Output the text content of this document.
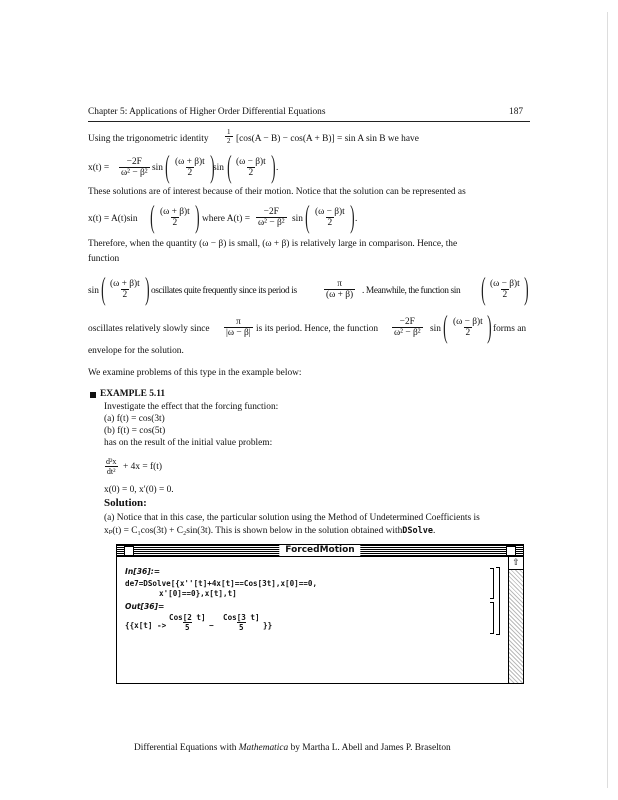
Chapter 5: Applications of Higher Order Differential Equations	187
Using the trigonometric identity $\frac{1}{2} [\cos(A - B) - \cos(A + B)] = \sin A$ sin B we have
$x(t) = \frac{-2F}{\text{ω² − β²}}$ sin ( $\frac{(\omega + \beta)t}{2}$ )
sin ( $\frac{(\omega - \beta)t}{2}$ ) .
These solutions are of interest because of their motion. Notice that the solution can be represented as
x(t) = A(t)sin ( $\frac{(\omega + \beta)t}{2}$ ) where $A(t) = \frac{-2F}{\text{ω² − β²}}$ sin ( $\frac{(\omega - \beta)t}{2}$ ) .
Therefore, when the quantity (ω − β) is small, (ω + β) is relatively large in comparison. Hence, the
function
sin ( $\frac{(\omega + \beta)t}{2}$ ) oscillates quite frequently since its period is	$\frac{\pi}{(\omega + \beta)}$ . Meanwhile, the function sin ( $\frac{(\omega - \beta)t}{2}$ )
oscillates relatively slowly since $\frac{\pi}{|\omega - \beta|}$ is its period. Hence, the function $\frac{-2F}{\text{ω² − β²}}$ sin ( $\frac{(\omega - \beta)t}{2}$ ) forms an
envelope for the solution.
We examine problems of this type in the example below:
EXAMPLE 5.11
Investigate the effect that the forcing function:
(a) f(t) = cos(3t)
(b) f(t) = cos(5t)
has on the result of the initial value problem:
$\frac{\text{d²x}}{\text{dt²}} + 4x = f(t)$
x(0) = 0, x′(0) = 0.
Solution:
(a) Notice that in this case, the particular solution using the Method of Undetermined Coefficients is
xₚ(t) = C₁cos(3t) + C₂sin(3t). This is shown below in the solution obtained withDSolve.
ForcedMotion
⇧
In[36]:=
de7=DSolve[{x''[t]+4x[t]==Cos[3t],x[0]==0,
x'[0]==0},x[t],t]
Out[36]=
{{x[t] ->
Cos[2 t]
5	−
Cos[3 t]
5	}}
Differential Equations with Mathematica by Martha L. Abell and James P. Braselton
